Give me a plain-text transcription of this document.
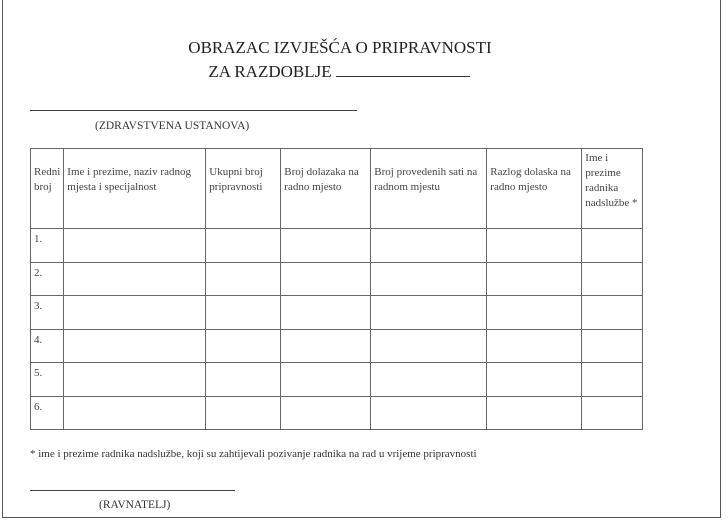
OBRAZAC IZVJEŠĆA O PRIPRAVNOSTI
ZA RAZDOBLJE
(ZDRAVSTVENA USTANOVA)
Redni broj	Ime i prezime, naziv radnog mjesta i specijalnost	Ukupni broj pripravnosti	Broj dolazaka na radno mjesto	Broj provedenih sati na radnom mjestu	Razlog dolaska na radno mjesto	Ime i prezime radnika nadslužbe *
1.						
2.						
3.						
4.						
5.						
6.						
* ime i prezime radnika nadslužbe, koji su zahtijevali pozivanje radnika na rad u vrijeme pripravnosti
(RAVNATELJ)
